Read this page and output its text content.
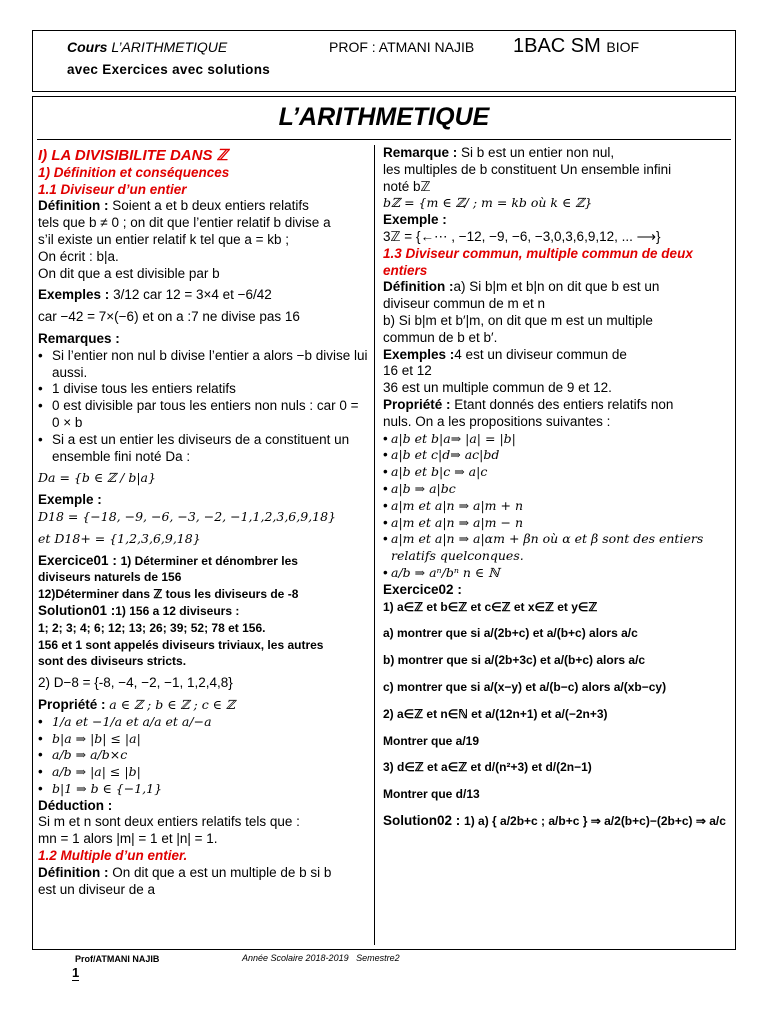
Cours L’ARITHMETIQUE	PROF : ATMANI NAJIB 1BAC SM BIOF
avec Exercices avec solutions
L’ARITHMETIQUE

I) LA DIVISIBILITE DANS ℤ

1) Définition et conséquences

1.1 Diviseur d’un entier

Définition : Soient a et b deux entiers relatifs

tels que b ≠ 0 ; on dit que l’entier relatif b divise a

s’il existe un entier relatif k tel que a = kb ;

On écrit : b|a.

On dit que a est divisible par b

Exemples : 3/12 car 12 = 3×4 et −6/42

car −42 = 7×(−6) et on a :7 ne divise pas 16

Remarques :

• Si l’entier non nul b divise l’entier a alors −b divise lui aussi.
• 1 divise tous les entiers relatifs
• 0 est divisible par tous les entiers non nuls : car 0 = 0 × b
• Si a est un entier les diviseurs de a constituent un ensemble fini noté Da :

Da = {b ∈ ℤ / b|a}

Exemple :

D18 = {−18, −9, −6, −3, −2, −1,1,2,3,6,9,18}

et D18+ = {1,2,3,6,9,18}

Exercice01 : 1) Déterminer et dénombrer les

diviseurs naturels de 156

12)Déterminer dans ℤ tous les diviseurs de -8

Solution01 :1) 156 a 12 diviseurs :

1; 2; 3; 4; 6; 12; 13; 26; 39; 52; 78 et 156.

156 et 1 sont appelés diviseurs triviaux, les autres

sont des diviseurs stricts.

2) D−8 = {-8, −4, −2, −1, 1,2,4,8}

Propriété : a ∈ ℤ ; b ∈ ℤ ; c ∈ ℤ

• 1/a et −1/a et a/a et a/−a
• b|a ⇒ |b| ≤ |a|
• a/b ⇒ a/b×c
• a/b ⇒ |a| ≤ |b|
• b|1 ⇒ b ∈ {−1,1}

Déduction :

Si m et n sont deux entiers relatifs tels que :

mn = 1 alors |m| = 1 et |n| = 1.

1.2 Multiple d’un entier.

Définition : On dit que a est un multiple de b si b

est un diviseur de a

Remarque : Si b est un entier non nul,

les multiples de b constituent Un ensemble infini

noté bℤ

bℤ = {m ∈ ℤ/ ; m = kb où k ∈ ℤ}

Exemple :

3ℤ = {←⋯ , −12, −9, −6, −3,0,3,6,9,12, ... ⟶}

1.3 Diviseur commun, multiple commun de deux entiers

Définition :a) Si b|m et b|n on dit que b est un

diviseur commun de m et n

b) Si b|m et b′|m, on dit que m est un multiple

commun de b et b′.

Exemples :4 est un diviseur commun de

16 et 12

36 est un multiple commun de 9 et 12.

Propriété : Etant donnés des entiers relatifs non

nuls. On a les propositions suivantes :

• a|b et b|a⇒ |a| = |b|
• a|b et c|d⇒ ac|bd
• a|b et b|c ⇒ a|c
• a|b ⇒ a|bc
• a|m et a|n ⇒ a|m + n
• a|m et a|n ⇒ a|m − n
• a|m et a|n ⇒ a|αm + βn où α et β sont des entiers relatifs quelconques.
• a/b ⇒ aⁿ/bⁿ n ∈ ℕ

Exercice02 :

1) a∈ℤ et b∈ℤ et c∈ℤ et x∈ℤ et y∈ℤ

a) montrer que si a/(2b+c) et a/(b+c) alors a/c

b) montrer que si a/(2b+3c) et a/(b+c) alors a/c

c) montrer que si a/(x−y) et a/(b−c) alors a/(xb−cy)

2) a∈ℤ et n∈ℕ et a/(12n+1) et a/(−2n+3)

Montrer que a/19

3) d∈ℤ et a∈ℤ et d/(n²+3) et d/(2n−1)

Montrer que d/13

Solution02 : 1) a) { a/2b+c ; a/b+c } ⇒ a/2(b+c)−(2b+c) ⇒ a/c

Prof/ATMANI NAJIB
1
Année Scolaire 2018-2019   Semestre2
